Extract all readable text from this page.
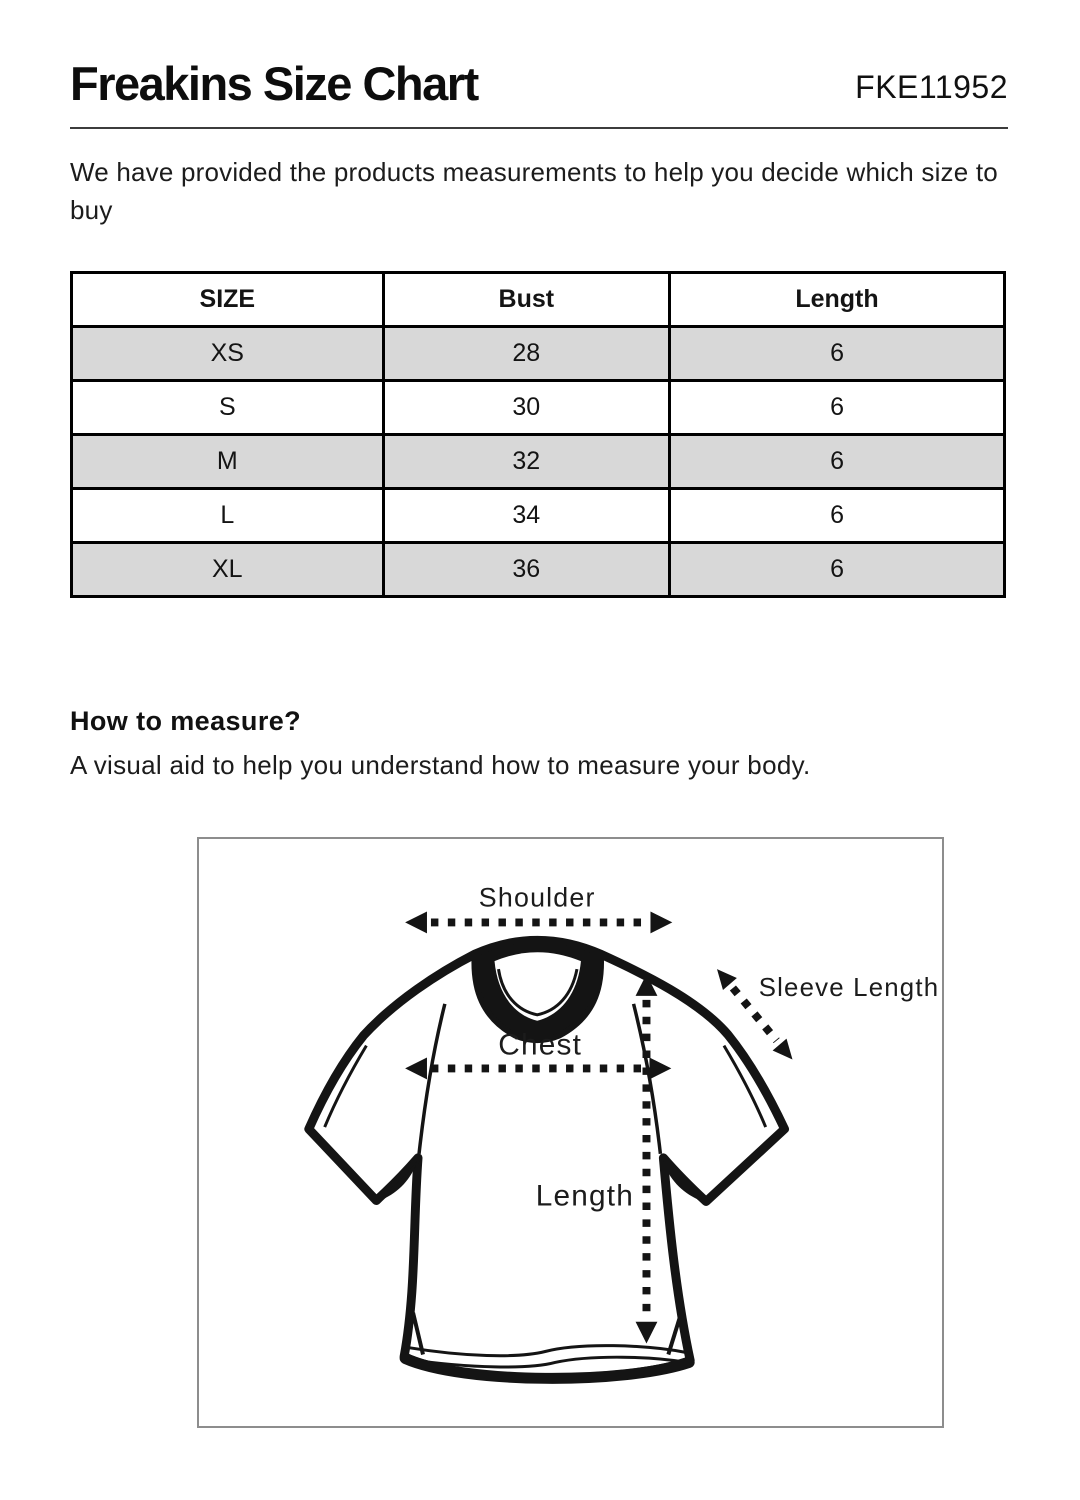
Freakins Size Chart	FKE11952
We have provided the products measurements to help you decide which size to buy
SIZE	Bust	Length
XS	28	6
S	30	6
M	32	6
L	34	6
XL	36	6
How to measure?
A visual aid to help you understand how to measure your body.
Shoulder
Chest
Length
Sleeve Length
